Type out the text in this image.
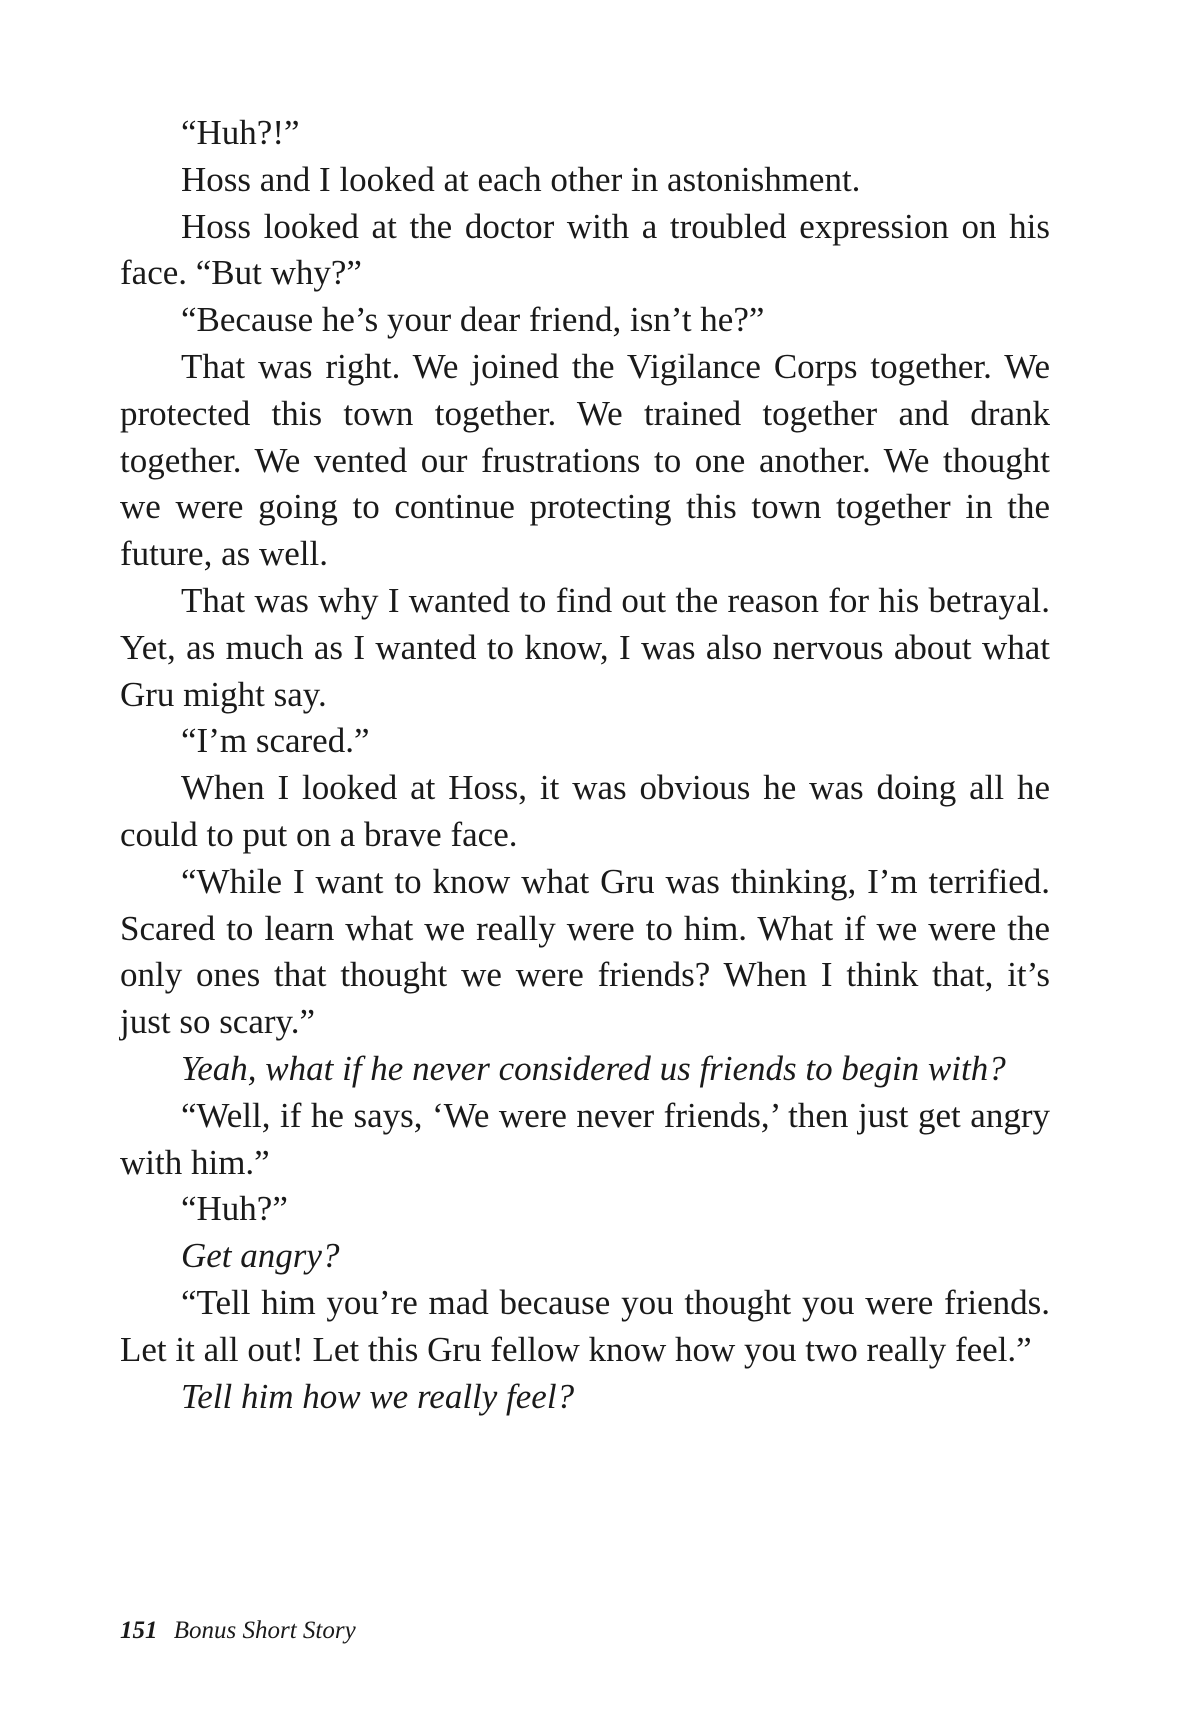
“Huh?!”

Hoss and I looked at each other in astonishment.

Hoss looked at the doctor with a troubled expression on his face. “But why?”

“Because he’s your dear friend, isn’t he?”

That was right. We joined the Vigilance Corps together. We protected this town together. We trained together and drank together. We vented our frustrations to one another. We thought we were going to continue protecting this town together in the future, as well.

That was why I wanted to find out the reason for his betrayal. Yet, as much as I wanted to know, I was also nervous about what Gru might say.

“I’m scared.”

When I looked at Hoss, it was obvious he was doing all he could to put on a brave face.

“While I want to know what Gru was thinking, I’m terrified. Scared to learn what we really were to him. What if we were the only ones that thought we were friends? When I think that, it’s just so scary.”

Yeah, what if he never considered us friends to begin with?

“Well, if he says, ‘We were never friends,’ then just get angry with him.”

“Huh?”

Get angry?

“Tell him you’re mad because you thought you were friends. Let it all out! Let this Gru fellow know how you two really feel.”

Tell him how we really feel?

151 Bonus Short Story
